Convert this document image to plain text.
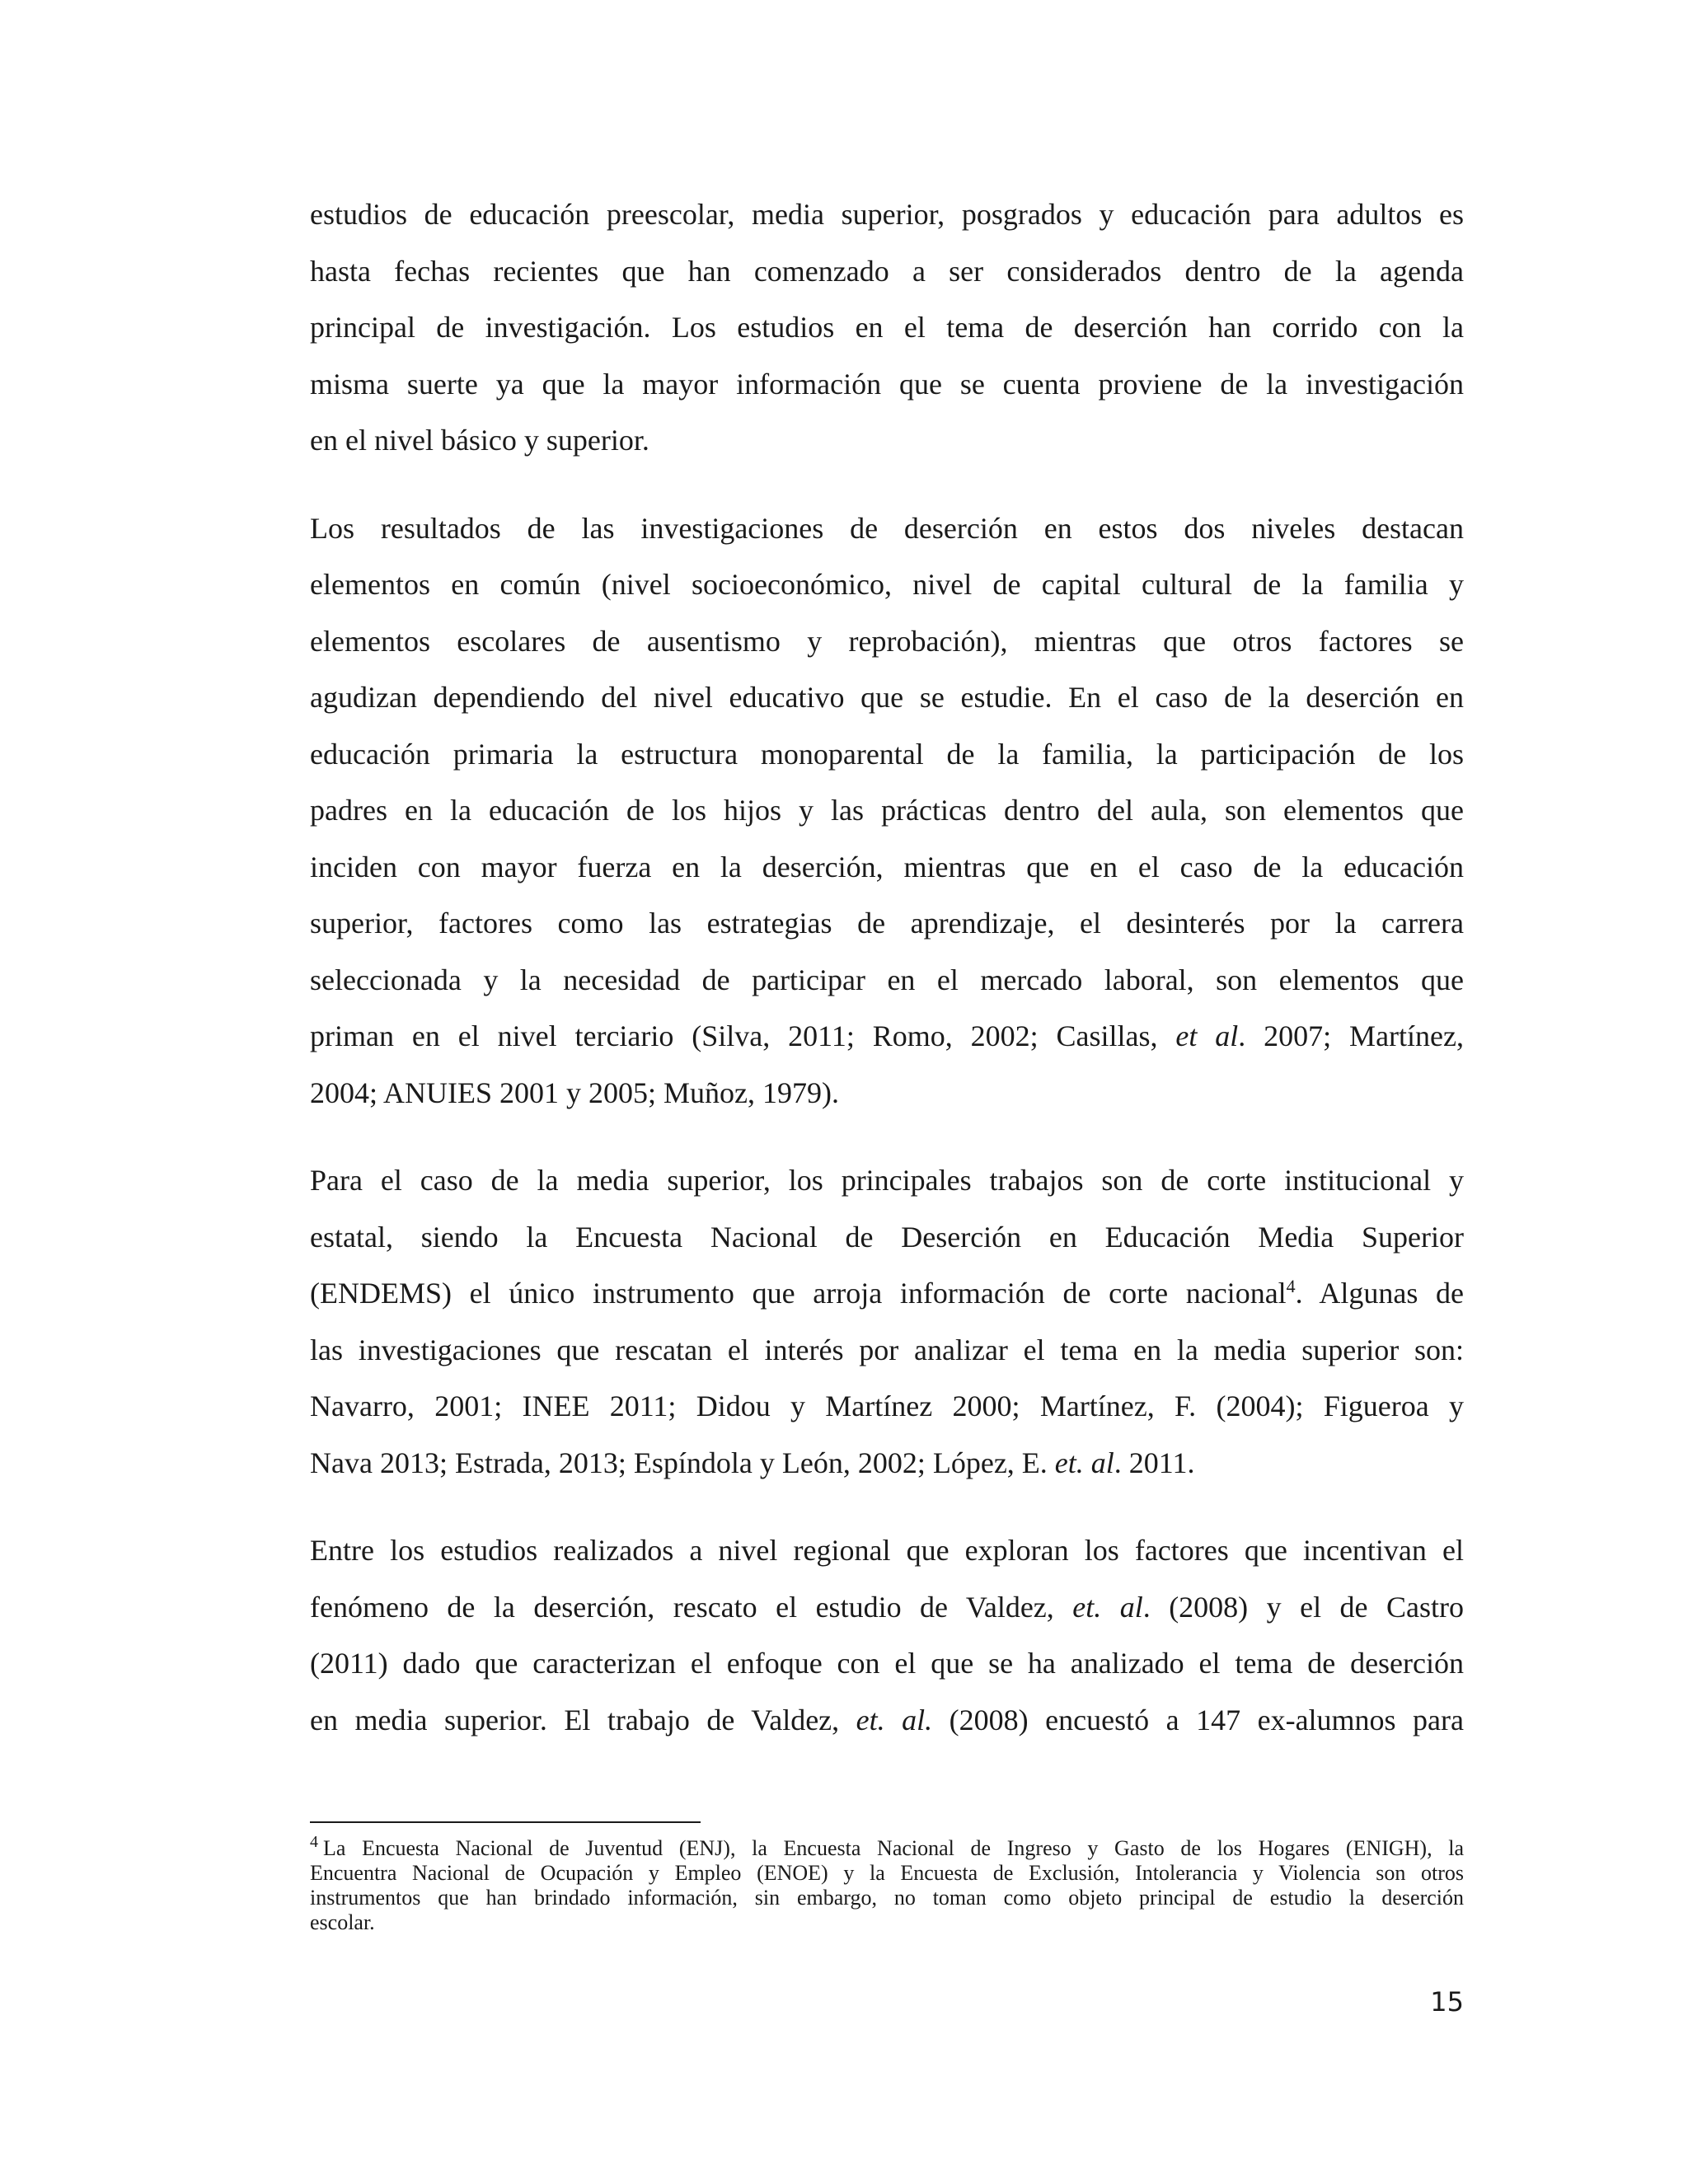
estudios de educación preescolar, media superior, posgrados y educación para adultos es
hasta fechas recientes que han comenzado a ser considerados dentro de la agenda
principal de investigación. Los estudios en el tema de deserción han corrido con la
misma suerte ya que la mayor información que se cuenta proviene de la investigación
en el nivel básico y superior.

Los resultados de las investigaciones de deserción en estos dos niveles destacan
elementos en común (nivel socioeconómico, nivel de capital cultural de la familia y
elementos escolares de ausentismo y reprobación), mientras que otros factores se
agudizan dependiendo del nivel educativo que se estudie. En el caso de la deserción en
educación primaria la estructura monoparental de la familia, la participación de los
padres en la educación de los hijos y las prácticas dentro del aula, son elementos que
inciden con mayor fuerza en la deserción, mientras que en el caso de la educación
superior, factores como las estrategias de aprendizaje, el desinterés por la carrera
seleccionada y la necesidad de participar en el mercado laboral, son elementos que
priman en el nivel terciario (Silva, 2011; Romo, 2002; Casillas, et al. 2007; Martínez,
2004; ANUIES 2001 y 2005; Muñoz, 1979).

Para el caso de la media superior, los principales trabajos son de corte institucional y
estatal, siendo la Encuesta Nacional de Deserción en Educación Media Superior
(ENDEMS) el único instrumento que arroja información de corte nacional$^4$. Algunas de
las investigaciones que rescatan el interés por analizar el tema en la media superior son:
Navarro, 2001; INEE 2011; Didou y Martínez 2000; Martínez, F. (2004); Figueroa y
Nava 2013; Estrada, 2013; Espíndola y León, 2002; López, E. et. al. 2011.

Entre los estudios realizados a nivel regional que exploran los factores que incentivan el
fenómeno de la deserción, rescato el estudio de Valdez, et. al. (2008) y el de Castro
(2011) dado que caracterizan el enfoque con el que se ha analizado el tema de deserción
en media superior. El trabajo de Valdez, et. al. (2008) encuestó a 147 ex-alumnos para

$^4$ La Encuesta Nacional de Juventud (ENJ), la Encuesta Nacional de Ingreso y Gasto de los Hogares (ENIGH), la
Encuentra Nacional de Ocupación y Empleo (ENOE) y la Encuesta de Exclusión, Intolerancia y Violencia son otros
instrumentos que han brindado información, sin embargo, no toman como objeto principal de estudio la deserción
escolar.
15
